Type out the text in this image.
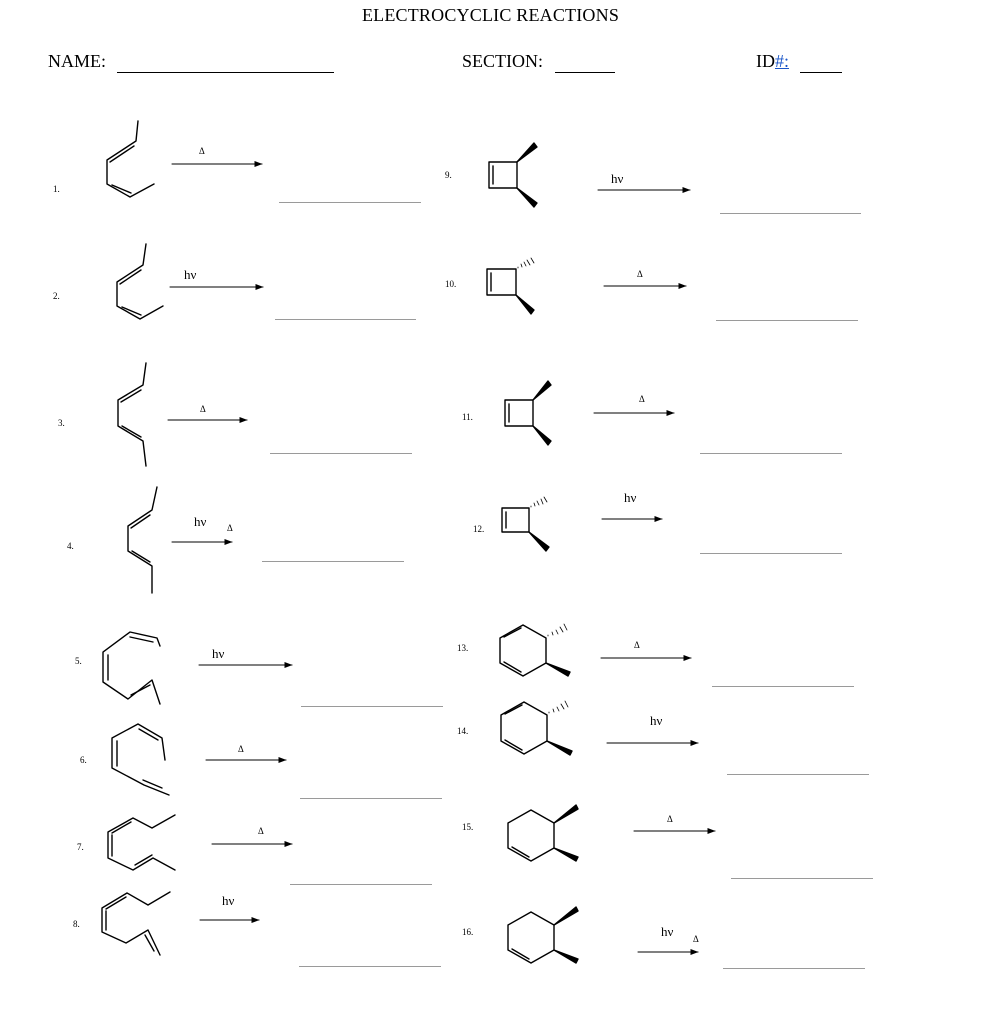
ELECTROCYCLIC REACTIONS
NAME:	SECTION:	ID#:
1.
2.
3.
4.
5.
6.
7.
8.
9.
10.
11.
12.
13.
14.
15.
16.
Δ
hν
Δ
hν Δ
hν
Δ
Δ
hν
hν
Δ
Δ
hν
Δ
hν
Δ
hν Δ
